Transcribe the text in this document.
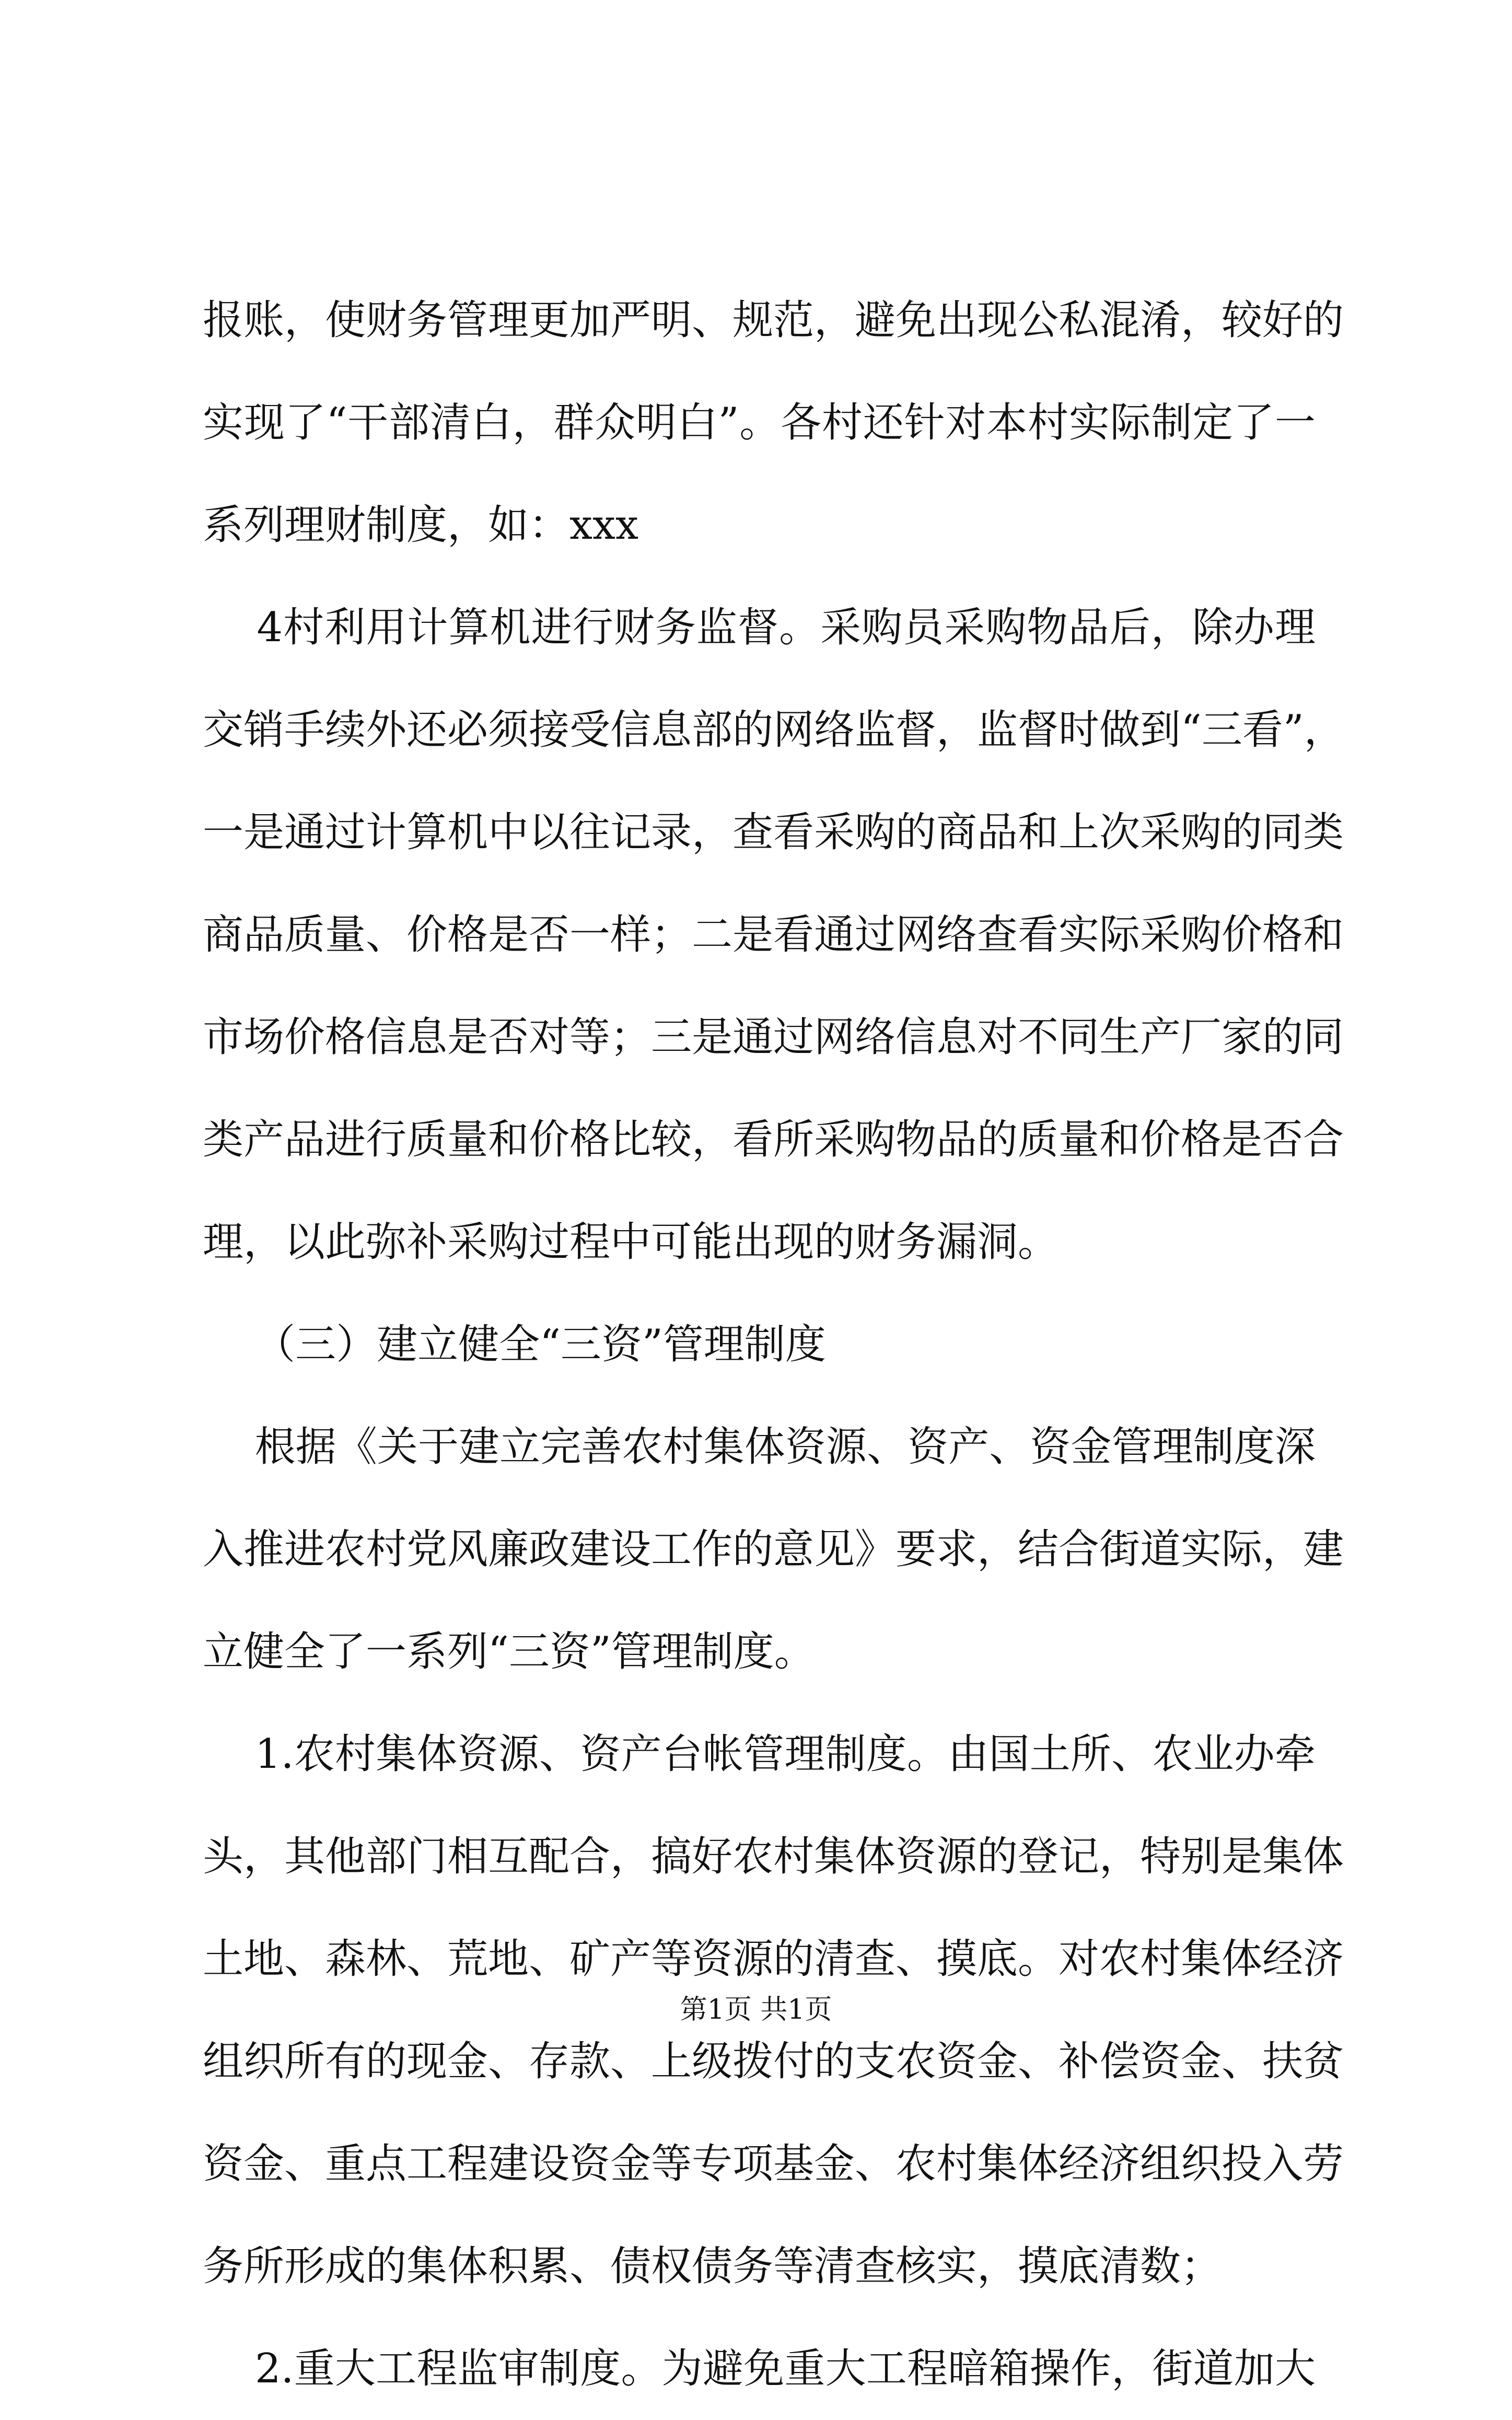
报账，使财务管理更加严明、规范，避免出现公私混淆，较好的
实现了“干部清白，群众明白”。各村还针对本村实际制定了一
系列理财制度，如：xxx
4村利用计算机进行财务监督。采购员采购物品后，除办理
交销手续外还必须接受信息部的网络监督，监督时做到“三看”，
一是通过计算机中以往记录，查看采购的商品和上次采购的同类
商品质量、价格是否一样；二是看通过网络查看实际采购价格和
市场价格信息是否对等；三是通过网络信息对不同生产厂家的同
类产品进行质量和价格比较，看所采购物品的质量和价格是否合
理，以此弥补采购过程中可能出现的财务漏洞。
（三）建立健全“三资”管理制度
根据《关于建立完善农村集体资源、资产、资金管理制度深
入推进农村党风廉政建设工作的意见》要求，结合街道实际，建
立健全了一系列“三资”管理制度。
1.农村集体资源、资产台帐管理制度。由国土所、农业办牵
头，其他部门相互配合，搞好农村集体资源的登记，特别是集体
土地、森林、荒地、矿产等资源的清查、摸底。对农村集体经济
组织所有的现金、存款、上级拨付的支农资金、补偿资金、扶贫
资金、重点工程建设资金等专项基金、农村集体经济组织投入劳
务所形成的集体积累、债权债务等清查核实，摸底清数；
2.重大工程监审制度。为避免重大工程暗箱操作，街道加大
第1页 共1页
